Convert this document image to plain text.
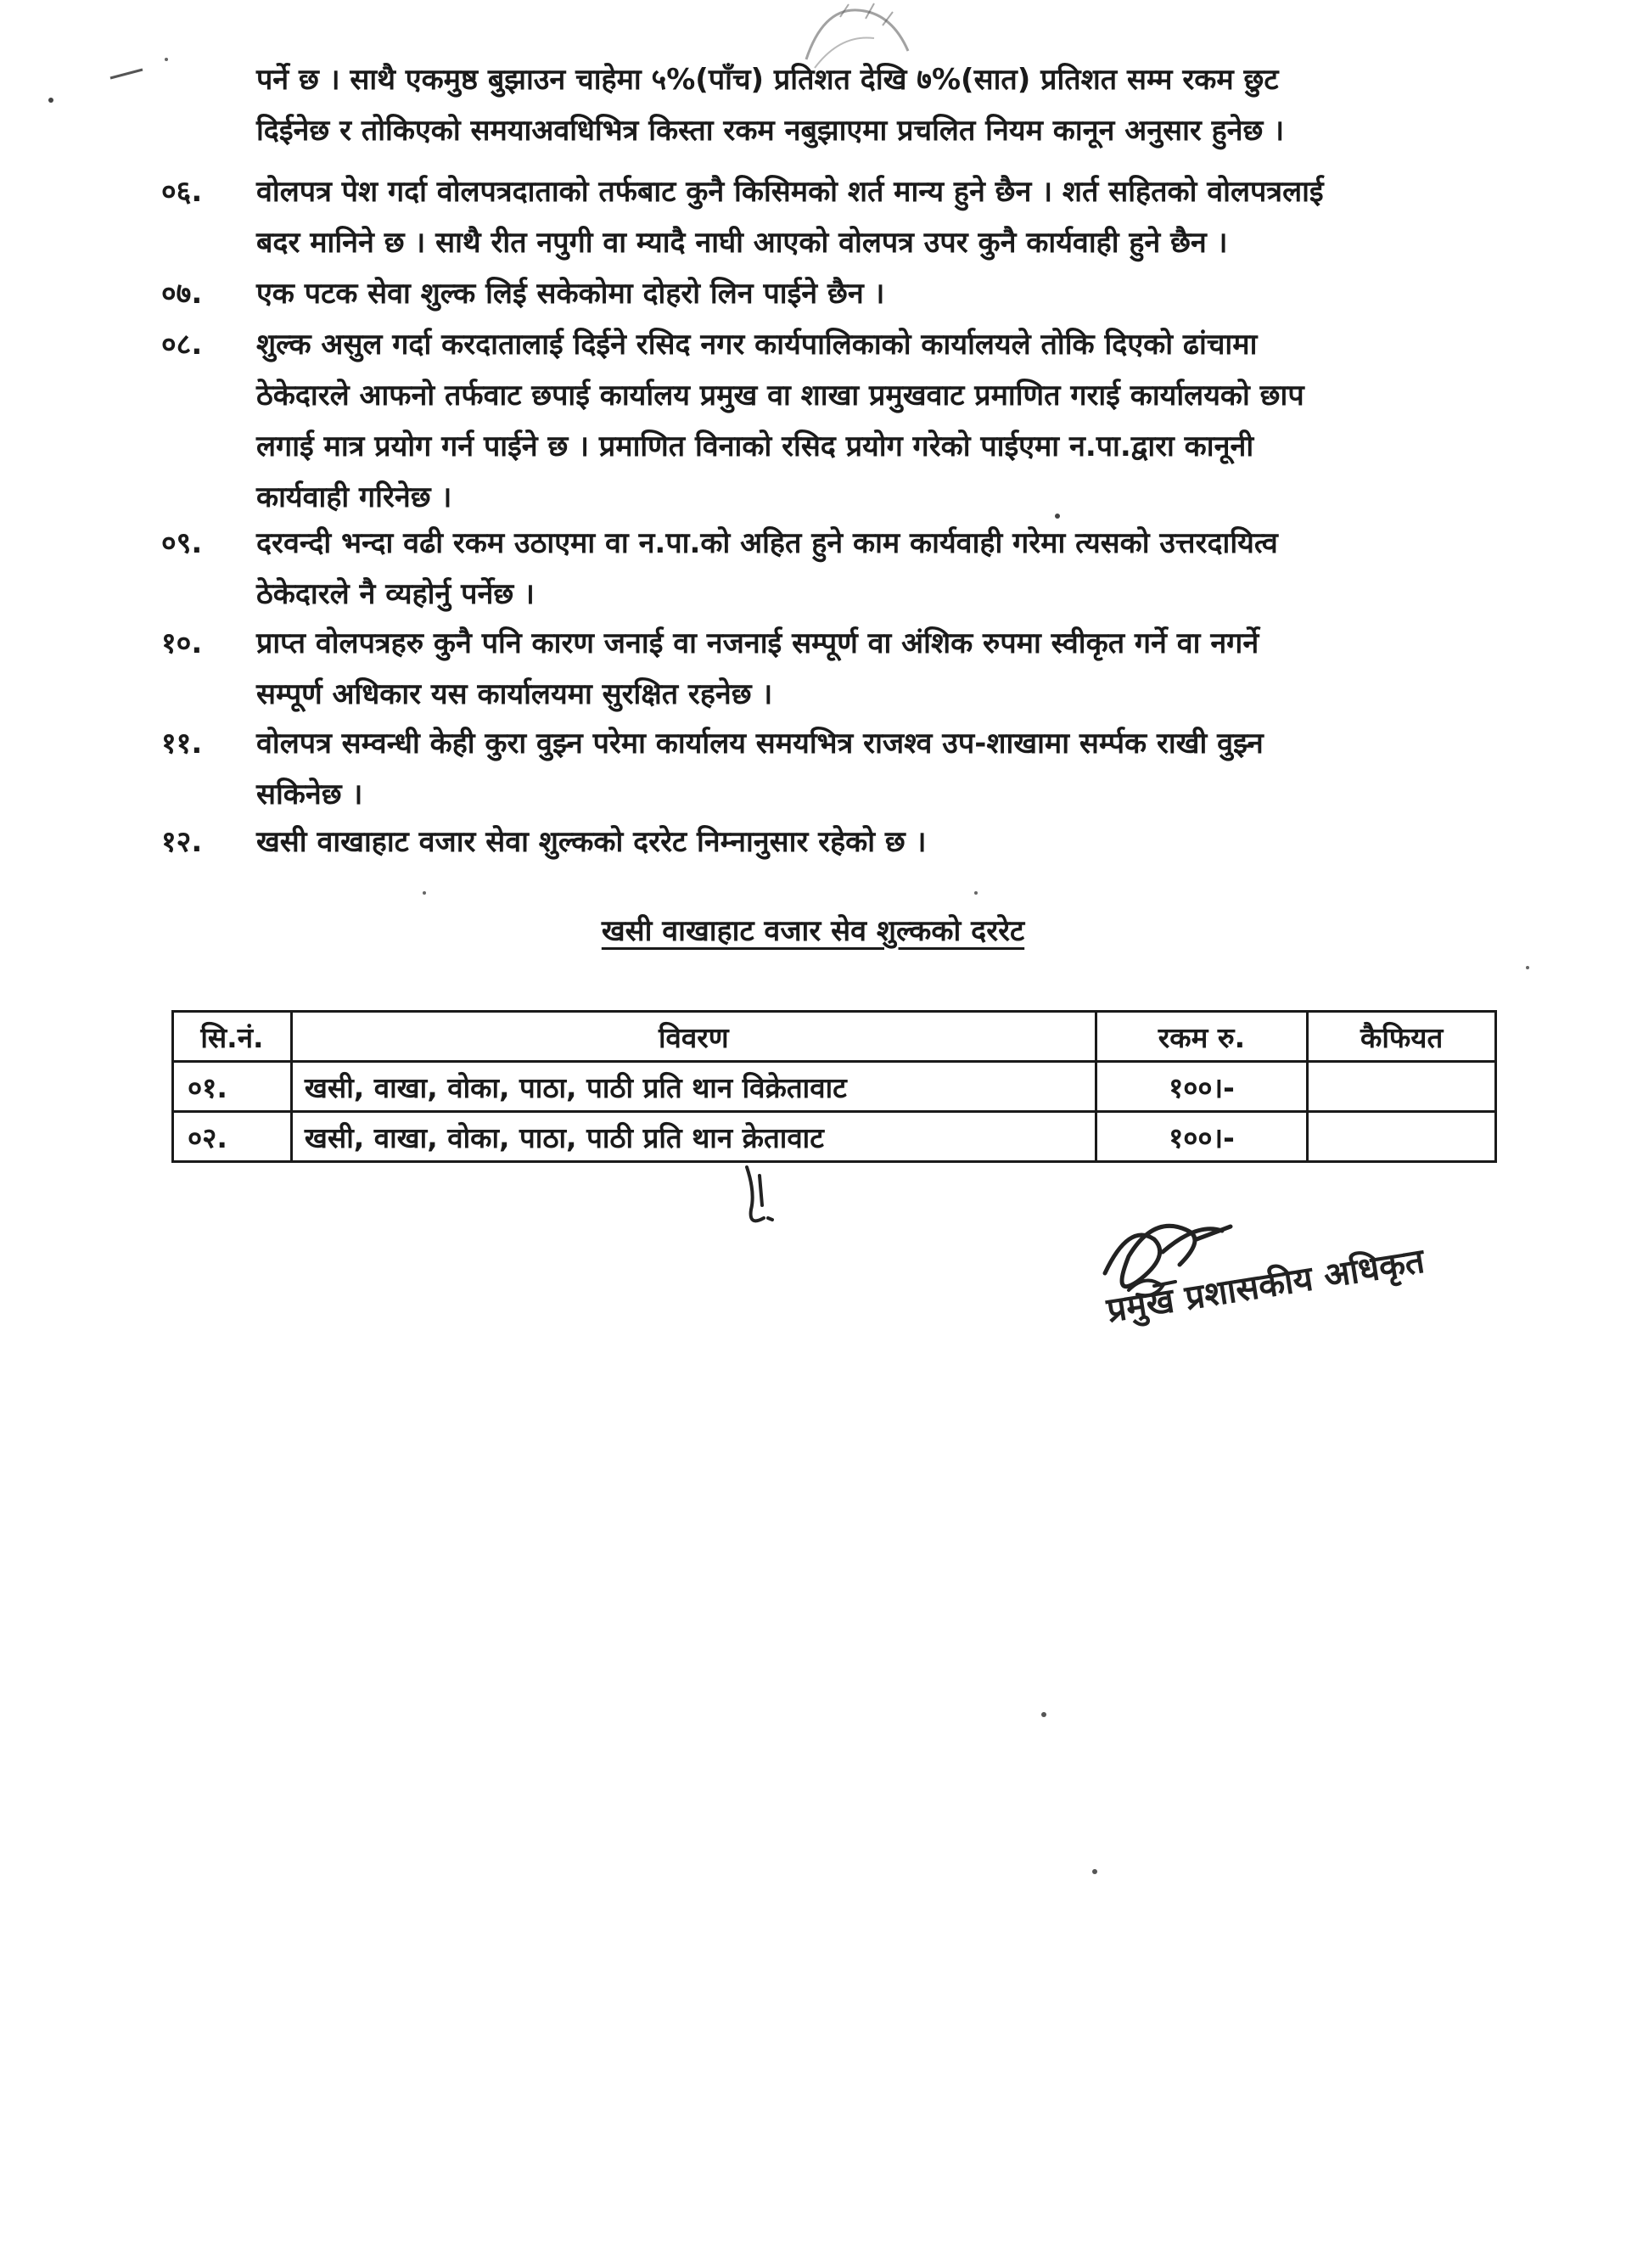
पर्ने छ । साथै एकमुष्ठ बुझाउन चाहेमा ५%(पाँच) प्रतिशत देखि ७%(सात) प्रतिशत सम्म रकम छुट
दिईनेछ र तोकिएको समयाअवधिभित्र किस्ता रकम नबुझाएमा प्रचलित नियम कानून अनुसार हुनेछ ।
०६.	वोलपत्र पेश गर्दा वोलपत्रदाताको तर्फबाट कुनै किसिमको शर्त मान्य हुने छैन । शर्त सहितको वोलपत्रलाई
बदर मानिने छ । साथै रीत नपुगी वा म्यादै नाघी आएको वोलपत्र उपर कुनै कार्यवाही हुने छैन ।
०७.	एक पटक सेवा शुल्क लिई सकेकोमा दोहरो लिन पाईने छैन ।
०८.	शुल्क असुल गर्दा करदातालाई दिईने रसिद नगर कार्यपालिकाको कार्यालयले तोकि दिएको ढांचामा
ठेकेदारले आफनो तर्फवाट छपाई कार्यालय प्रमुख वा शाखा प्रमुखवाट प्रमाणित गराई कार्यालयको छाप
लगाई मात्र प्रयोग गर्न पाईने छ । प्रमाणित विनाको रसिद प्रयोग गरेको पाईएमा न.पा.द्वारा कानूनी
कार्यवाही गरिनेछ ।
०९.	दरवन्दी भन्दा वढी रकम उठाएमा वा न.पा.को अहित हुने काम कार्यवाही गरेमा त्यसको उत्तरदायित्व
ठेकेदारले नै व्यहोर्नु पर्नेछ ।
१०.	प्राप्त वोलपत्रहरु कुनै पनि कारण जनाई वा नजनाई सम्पूर्ण वा अंशिक रुपमा स्वीकृत गर्ने वा नगर्ने
सम्पूर्ण अधिकार यस कार्यालयमा सुरक्षित रहनेछ ।
११.	वोलपत्र सम्वन्धी केही कुरा वुझ्न परेमा कार्यालय समयभित्र राजश्व उप-शाखामा सर्म्पक राखी वुझ्न
सकिनेछ ।
१२.	खसी वाखाहाट वजार सेवा शुल्कको दररेट निम्नानुसार रहेको छ ।
खसी वाखाहाट वजार सेव शुल्कको दररेट
सि.नं.	विवरण	रकम रु.	कैफियत
०१.	खसी, वाखा, वोका, पाठा, पाठी प्रति थान विक्रेतावाट	१००।-	
०२.	खसी, वाखा, वोका, पाठा, पाठी प्रति थान क्रेतावाट	१००।-	
प्रमुख प्रशासकीय अधिकृत
